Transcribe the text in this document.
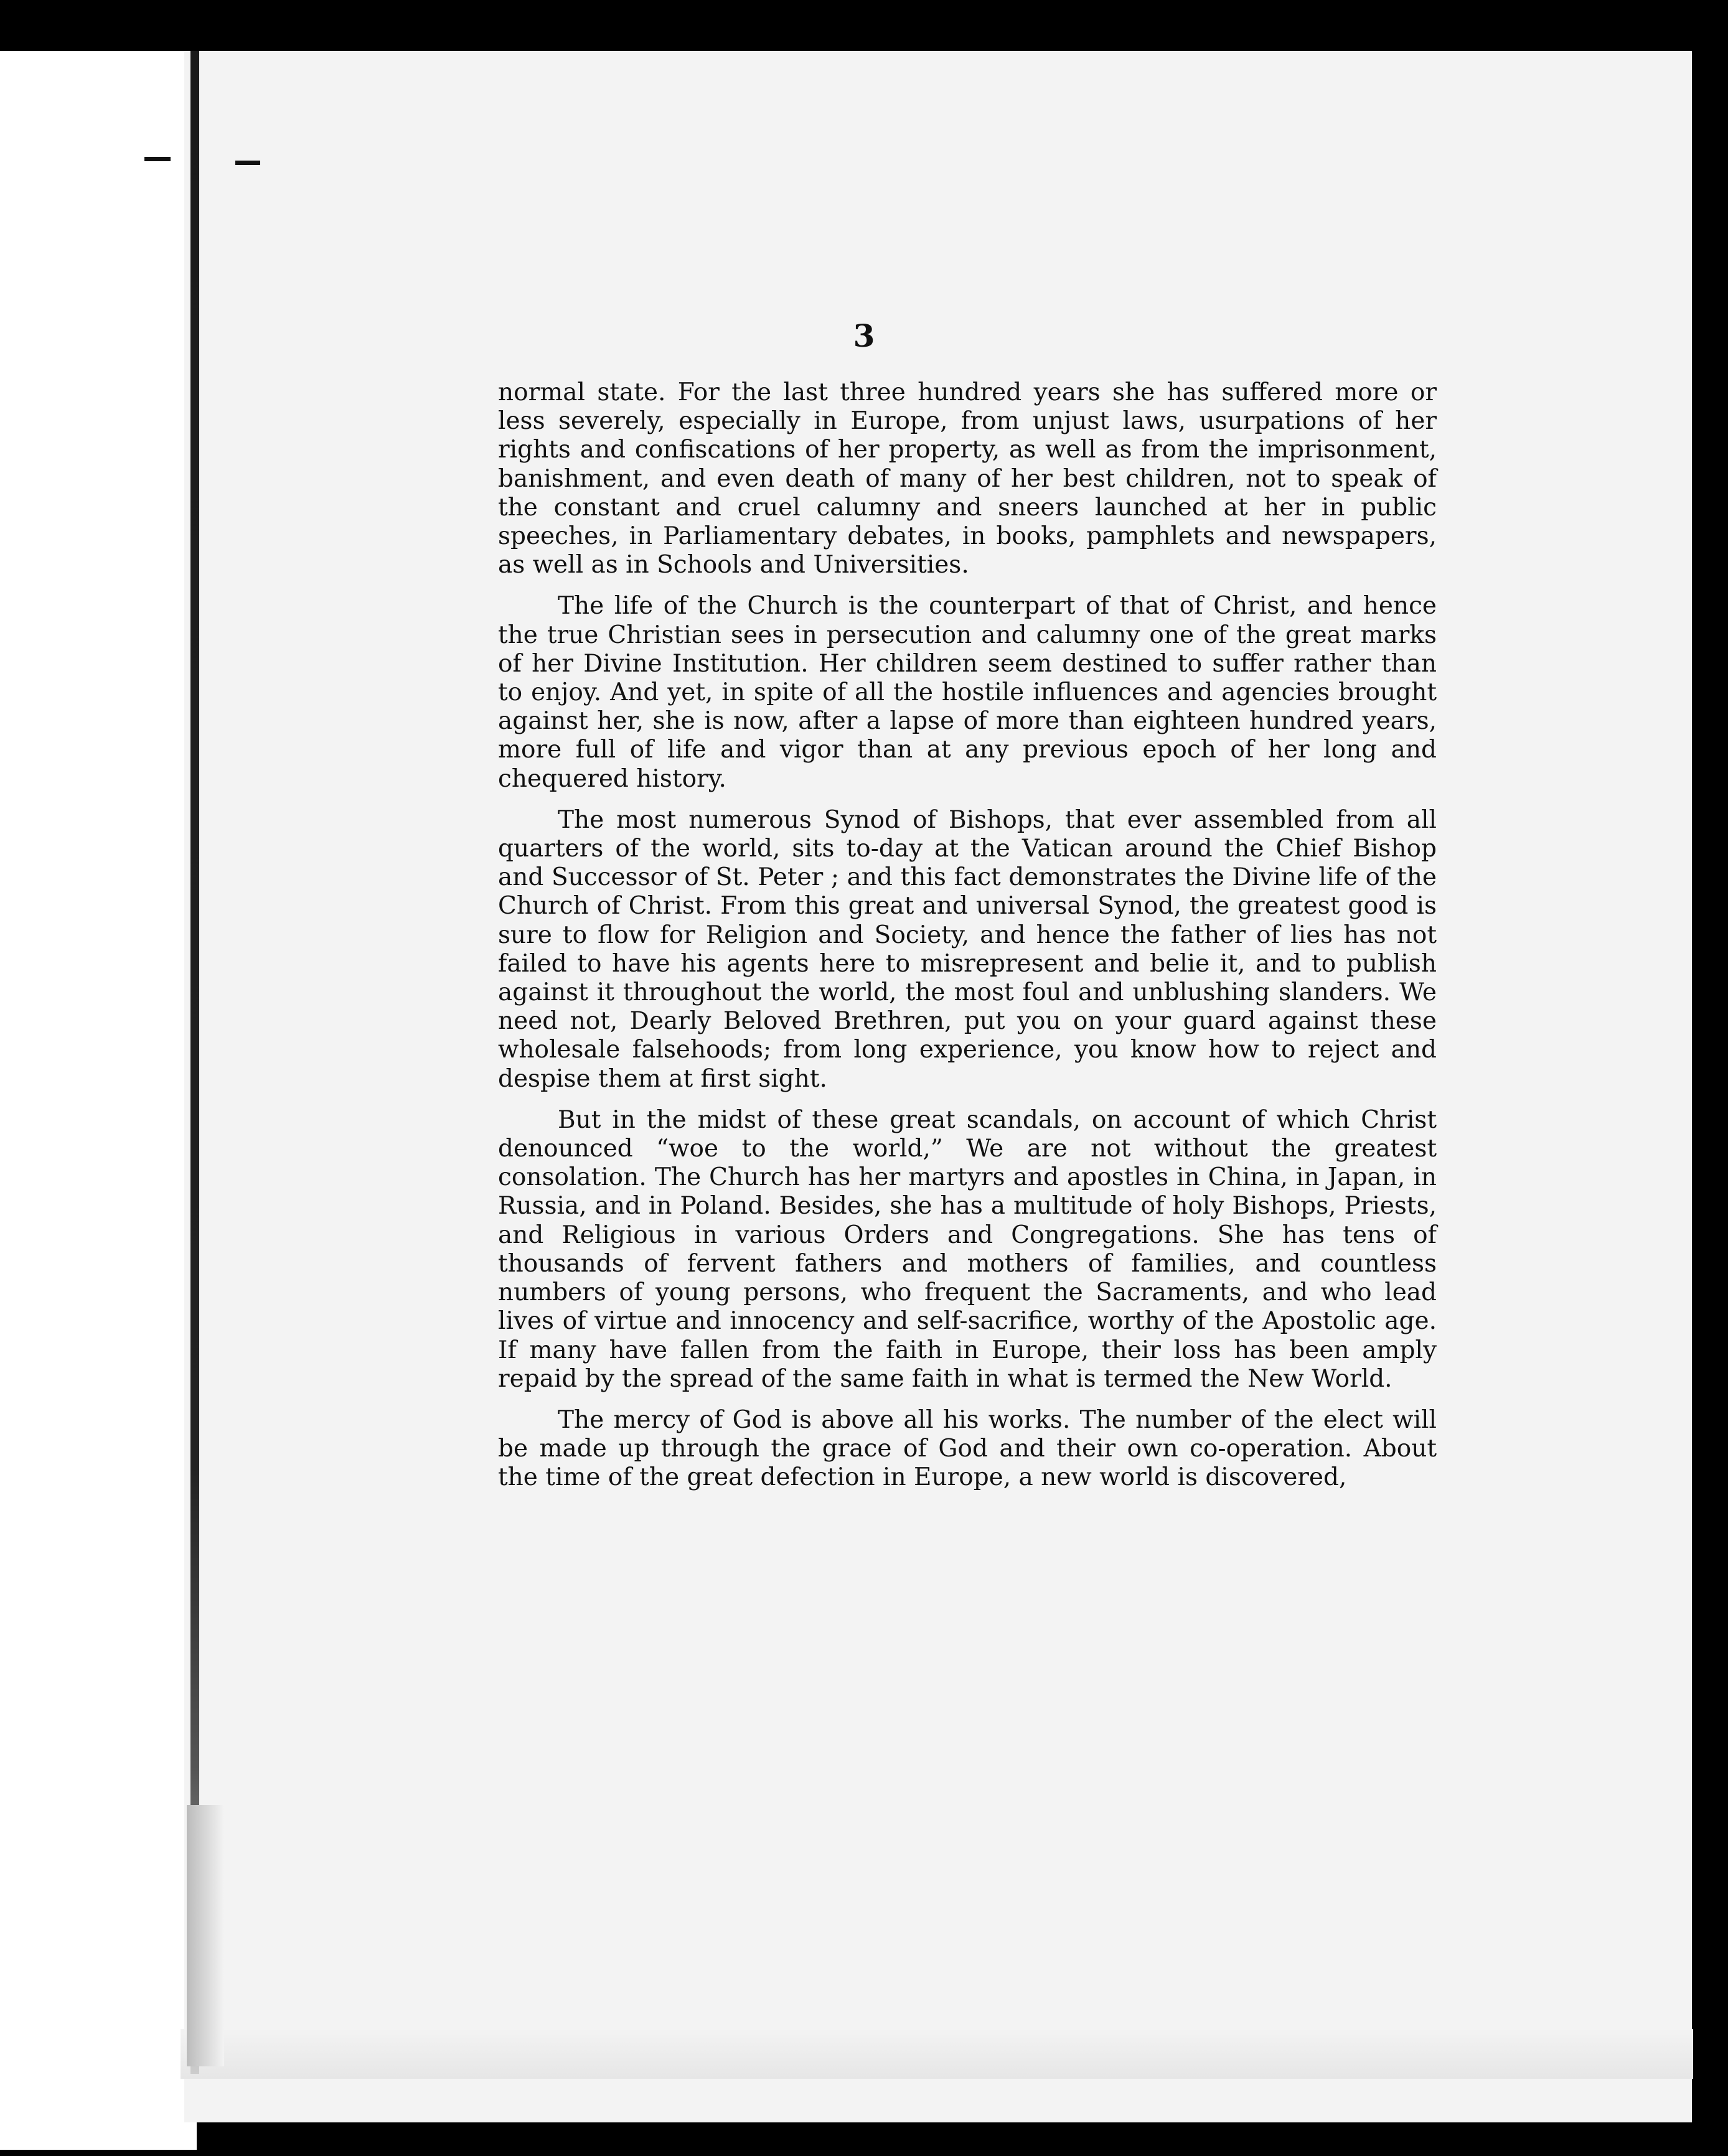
3

normal state. For the last three hundred years she has suffered more or less severely, especially in Europe, from unjust laws, usurpations of her rights and confiscations of her property, as well as from the imprisonment, banishment, and even death of many of her best children, not to speak of the constant and cruel calumny and sneers launched at her in public speeches, in Parliamentary debates, in books, pamphlets and newspapers, as well as in Schools and Universities.

The life of the Church is the counterpart of that of Christ, and hence the true Christian sees in persecution and calumny one of the great marks of her Divine Institution. Her children seem destined to suffer rather than to enjoy. And yet, in spite of all the hostile influences and agencies brought against her, she is now, after a lapse of more than eighteen hundred years, more full of life and vigor than at any previous epoch of her long and chequered history.

The most numerous Synod of Bishops, that ever assembled from all quarters of the world, sits to-day at the Vatican around the Chief Bishop and Successor of St. Peter ; and this fact demonstrates the Divine life of the Church of Christ. From this great and universal Synod, the greatest good is sure to flow for Religion and Society, and hence the father of lies has not failed to have his agents here to misrepresent and belie it, and to publish against it throughout the world, the most foul and unblushing slanders. We need not, Dearly Beloved Brethren, put you on your guard against these wholesale falsehoods; from long experience, you know how to reject and despise them at first sight.

But in the midst of these great scandals, on account of which Christ denounced “woe to the world,” We are not without the greatest consolation. The Church has her martyrs and apostles in China, in Japan, in Russia, and in Poland. Besides, she has a multitude of holy Bishops, Priests, and Religious in various Orders and Congregations. She has tens of thousands of fervent fathers and mothers of families, and countless numbers of young persons, who frequent the Sacraments, and who lead lives of virtue and innocency and self-sacrifice, worthy of the Apostolic age. If many have fallen from the faith in Europe, their loss has been amply repaid by the spread of the same faith in what is termed the New World.

The mercy of God is above all his works. The number of the elect will be made up through the grace of God and their own co-operation. About the time of the great defection in Europe, a new world is discovered,
